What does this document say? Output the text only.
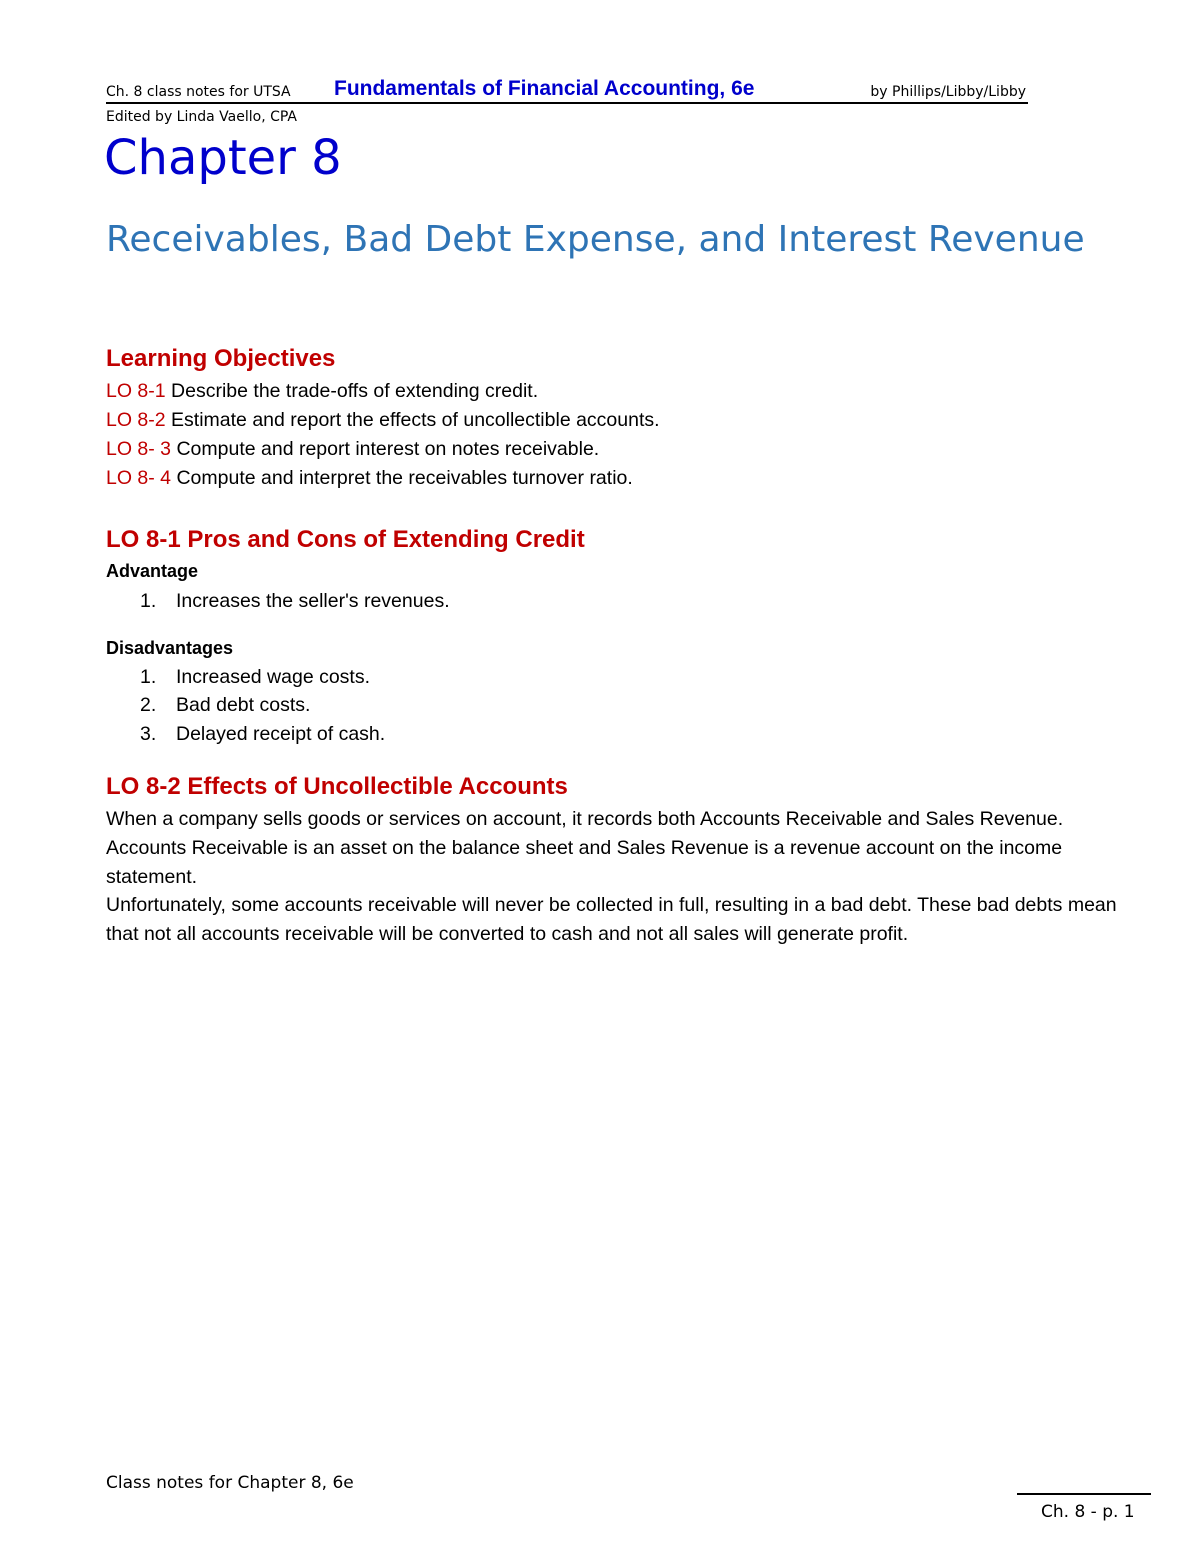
Ch. 8 class notes for UTSA Fundamentals of Financial Accounting, 6e	by Phillips/Libby/Libby
Edited by Linda Vaello, CPA
Chapter 8
Receivables, Bad Debt Expense, and Interest Revenue
Learning Objectives
LO 8-1 Describe the trade-offs of extending credit.
LO 8-2 Estimate and report the effects of uncollectible accounts.
LO 8- 3 Compute and report interest on notes receivable.
LO 8- 4 Compute and interpret the receivables turnover ratio.
LO 8-1 Pros and Cons of Extending Credit
Advantage
1. Increases the seller's revenues.
Disadvantages
1. Increased wage costs.
2. Bad debt costs.
3. Delayed receipt of cash.
LO 8-2 Effects of Uncollectible Accounts

When a company sells goods or services on account, it records both Accounts Receivable and Sales Revenue. Accounts Receivable is an asset on the balance sheet and Sales Revenue is a revenue account on the income statement.

Unfortunately, some accounts receivable will never be collected in full, resulting in a bad debt. These bad debts mean that not all accounts receivable will be converted to cash and not all sales will generate profit.

Class notes for Chapter 8, 6e
Ch. 8 - p. 1
